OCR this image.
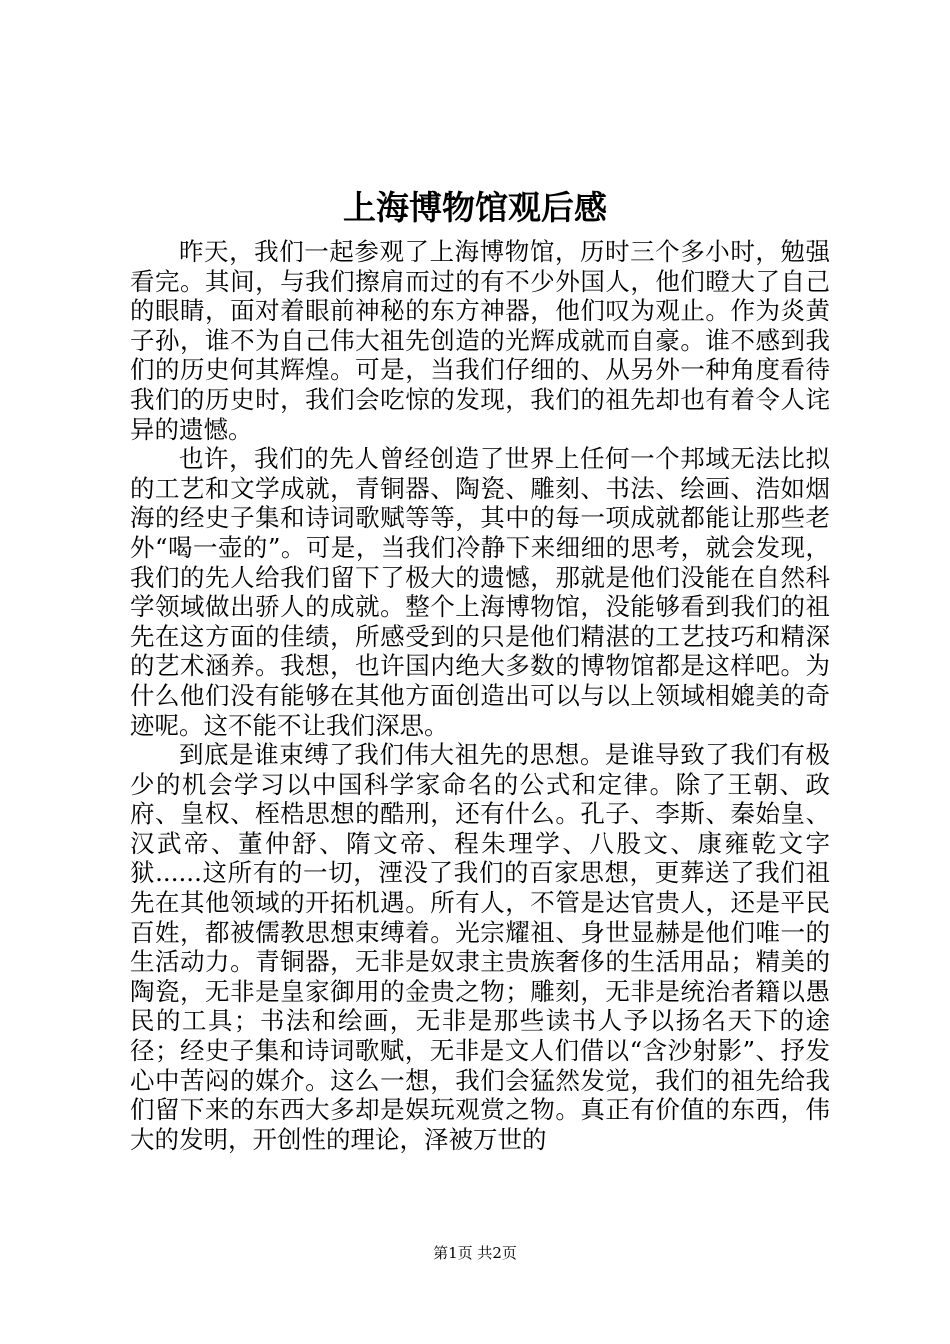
上海博物馆观后感

昨天，我们一起参观了上海博物馆，历时三个多小时，勉强看完。其间，与我们擦肩而过的有不少外国人，他们瞪大了自己的眼睛，面对着眼前神秘的东方神器，他们叹为观止。作为炎黄子孙，谁不为自己伟大祖先创造的光辉成就而自豪。谁不感到我们的历史何其辉煌。可是，当我们仔细的、从另外一种角度看待我们的历史时，我们会吃惊的发现，我们的祖先却也有着令人诧异的遗憾。

也许，我们的先人曾经创造了世界上任何一个邦域无法比拟的工艺和文学成就，青铜器、陶瓷、雕刻、书法、绘画、浩如烟海的经史子集和诗词歌赋等等，其中的每一项成就都能让那些老外“喝一壶的”。可是，当我们冷静下来细细的思考，就会发现，我们的先人给我们留下了极大的遗憾，那就是他们没能在自然科学领域做出骄人的成就。整个上海博物馆，没能够看到我们的祖先在这方面的佳绩，所感受到的只是他们精湛的工艺技巧和精深的艺术涵养。我想，也许国内绝大多数的博物馆都是这样吧。为什么他们没有能够在其他方面创造出可以与以上领域相媲美的奇迹呢。这不能不让我们深思。

到底是谁束缚了我们伟大祖先的思想。是谁导致了我们有极少的机会学习以中国科学家命名的公式和定律。除了王朝、政府、皇权、桎梏思想的酷刑，还有什么。孔子、李斯、秦始皇、汉武帝、董仲舒、隋文帝、程朱理学、八股文、康雍乾文字狱......这所有的一切，湮没了我们的百家思想，更葬送了我们祖先在其他领域的开拓机遇。所有人，不管是达官贵人，还是平民百姓，都被儒教思想束缚着。光宗耀祖、身世显赫是他们唯一的生活动力。青铜器，无非是奴隶主贵族奢侈的生活用品；精美的陶瓷，无非是皇家御用的金贵之物；雕刻，无非是统治者籍以愚民的工具；书法和绘画，无非是那些读书人予以扬名天下的途径；经史子集和诗词歌赋，无非是文人们借以“含沙射影”、抒发心中苦闷的媒介。这么一想，我们会猛然发觉，我们的祖先给我们留下来的东西大多却是娱玩观赏之物。真正有价值的东西，伟大的发明，开创性的理论，泽被万世的

第1页 共2页
